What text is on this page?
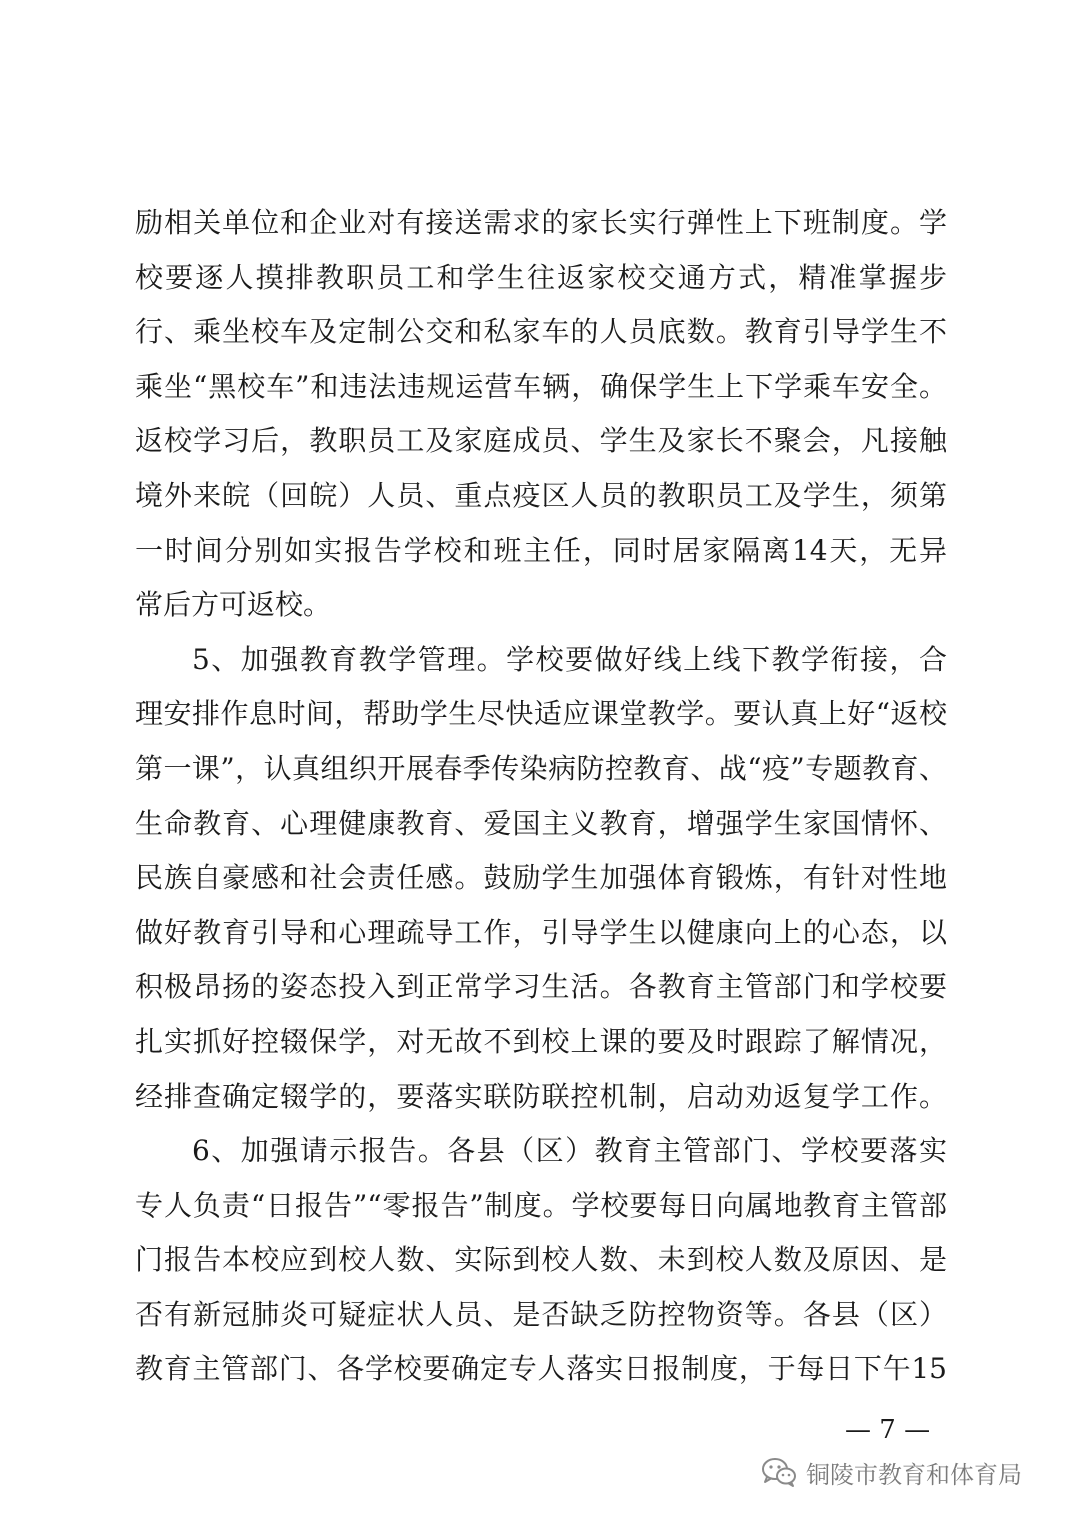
励相关单位和企业对有接送需求的家长实行弹性上下班制度。学
校要逐人摸排教职员工和学生往返家校交通方式，精准掌握步
行、乘坐校车及定制公交和私家车的人员底数。教育引导学生不
乘坐“黑校车”和违法违规运营车辆，确保学生上下学乘车安全。
返校学习后，教职员工及家庭成员、学生及家长不聚会，凡接触
境外来皖（回皖）人员、重点疫区人员的教职员工及学生，须第
一时间分别如实报告学校和班主任，同时居家隔离14天，无异
常后方可返校。
5、加强教育教学管理。学校要做好线上线下教学衔接，合
理安排作息时间，帮助学生尽快适应课堂教学。要认真上好“返校
第一课”，认真组织开展春季传染病防控教育、战“疫”专题教育、
生命教育、心理健康教育、爱国主义教育，增强学生家国情怀、
民族自豪感和社会责任感。鼓励学生加强体育锻炼，有针对性地
做好教育引导和心理疏导工作，引导学生以健康向上的心态，以
积极昂扬的姿态投入到正常学习生活。各教育主管部门和学校要
扎实抓好控辍保学，对无故不到校上课的要及时跟踪了解情况，
经排查确定辍学的，要落实联防联控机制，启动劝返复学工作。
6、加强请示报告。各县（区）教育主管部门、学校要落实
专人负责“日报告”“零报告”制度。学校要每日向属地教育主管部
门报告本校应到校人数、实际到校人数、未到校人数及原因、是
否有新冠肺炎可疑症状人员、是否缺乏防控物资等。各县（区）
教育主管部门、各学校要确定专人落实日报制度，于每日下午15
— 7 —
铜陵市教育和体育局
